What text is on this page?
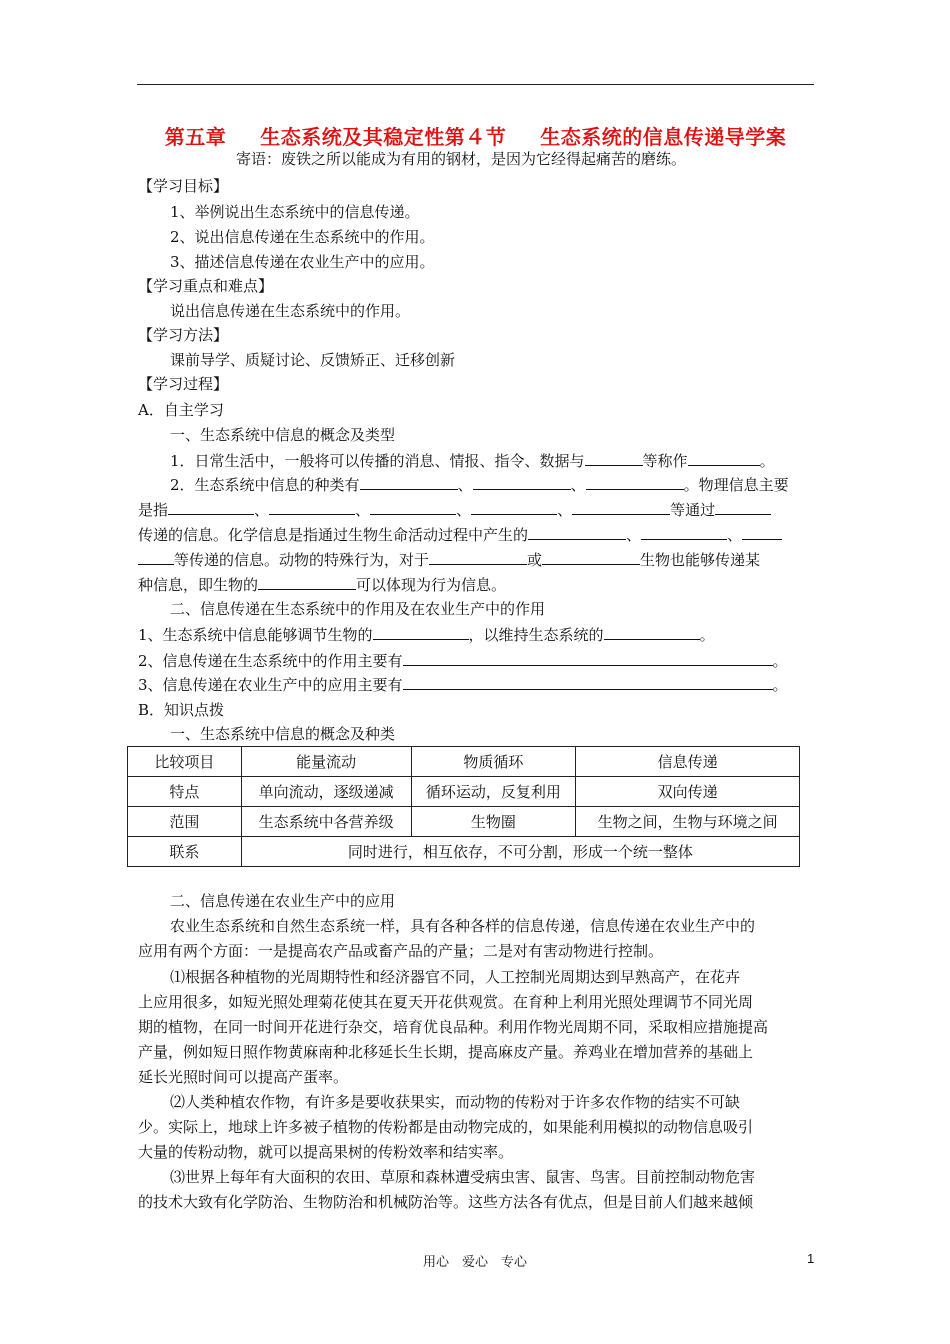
第五章 生态系统及其稳定性第４节 生态系统的信息传递导学案
寄语：废铁之所以能成为有用的钢材，是因为它经得起痛苦的磨练。
【学习目标】
1、举例说出生态系统中的信息传递。
2、说出信息传递在生态系统中的作用。
3、描述信息传递在农业生产中的应用。
【学习重点和难点】
说出信息传递在生态系统中的作用。
【学习方法】
课前导学、质疑讨论、反馈矫正、迁移创新
【学习过程】
A．自主学习
一、生态系统中信息的概念及类型
1．日常生活中，一般将可以传播的消息、情报、指令、数据与	等称作	。
2．生态系统中信息的种类有	、	、	。物理信息主要
是指	、	、	、	、	等通过
传递的信息。化学信息是指通过生物生命活动过程中产生的	、	、
等传递的信息。动物的特殊行为，对于	或	生物也能够传递某
种信息，即生物的	可以体现为行为信息。
二、信息传递在生态系统中的作用及在农业生产中的作用
1、生态系统中信息能够调节生物的	，以维持生态系统的	。
2、信息传递在生态系统中的作用主要有	。
3、信息传递在农业生产中的应用主要有	。
B．知识点拨
一、生态系统中信息的概念及种类
比较项目	能量流动	物质循环	信息传递
特点	单向流动，逐级递减	循环运动，反复利用	双向传递
范围	生态系统中各营养级	生物圈	生物之间，生物与环境之间
联系	同时进行，相互依存，不可分割，形成一个统一整体		
二、信息传递在农业生产中的应用
农业生态系统和自然生态系统一样，具有各种各样的信息传递，信息传递在农业生产中的
应用有两个方面：一是提高农产品或畜产品的产量；二是对有害动物进行控制。
⑴根据各种植物的光周期特性和经济器官不同，人工控制光周期达到早熟高产，在花卉
上应用很多，如短光照处理菊花使其在夏天开花供观赏。在育种上利用光照处理调节不同光周
期的植物，在同一时间开花进行杂交，培育优良品种。利用作物光周期不同，采取相应措施提高
产量，例如短日照作物黄麻南种北移延长生长期，提高麻皮产量。养鸡业在增加营养的基础上
延长光照时间可以提高产蛋率。
⑵人类种植农作物，有许多是要收获果实，而动物的传粉对于许多农作物的结实不可缺
少。实际上，地球上许多被子植物的传粉都是由动物完成的，如果能利用模拟的动物信息吸引
大量的传粉动物，就可以提高果树的传粉效率和结实率。
⑶世界上每年有大面积的农田、草原和森林遭受病虫害、鼠害、鸟害。目前控制动物危害
的技术大致有化学防治、生物防治和机械防治等。这些方法各有优点，但是目前人们越来越倾
用心　爱心　专心	1
